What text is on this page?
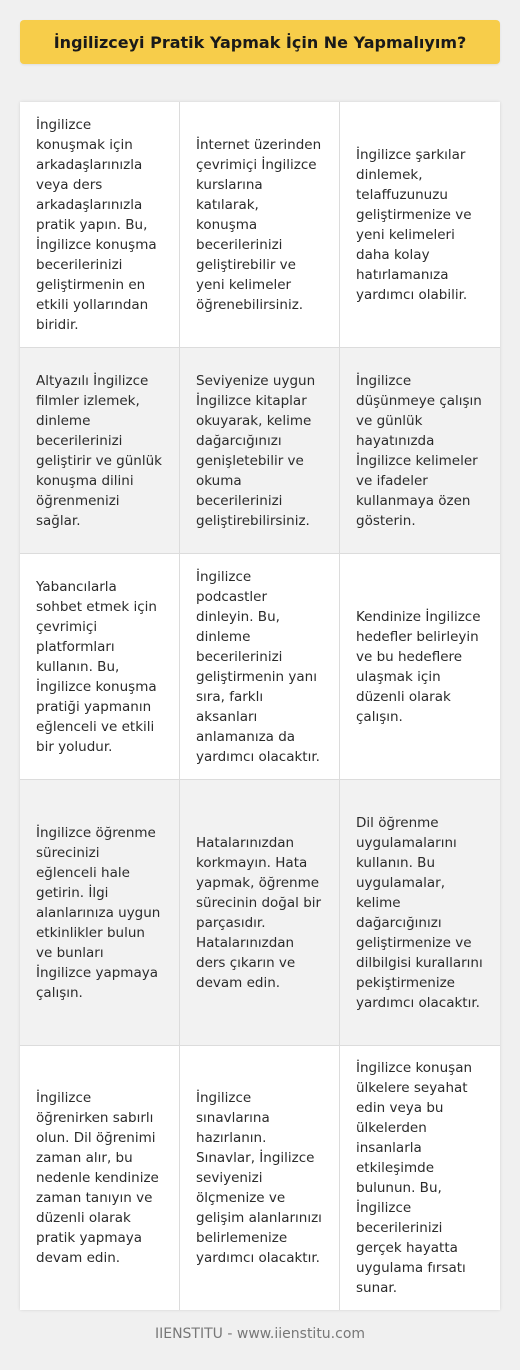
İngilizceyi Pratik Yapmak İçin Ne Yapmalıyım?
İngilizce konuşmak için arkadaşlarınızla veya ders arkadaşlarınızla pratik yapın. Bu, İngilizce konuşma becerilerinizi geliştirmenin en etkili yollarından biridir.
İnternet üzerinden çevrimiçi İngilizce kurslarına katılarak, konuşma becerilerinizi geliştirebilir ve yeni kelimeler öğrenebilirsiniz.
İngilizce şarkılar dinlemek, telaffuzunuzu geliştirmenize ve yeni kelimeleri daha kolay hatırlamanıza yardımcı olabilir.
Altyazılı İngilizce filmler izlemek, dinleme becerilerinizi geliştirir ve günlük konuşma dilini öğrenmenizi sağlar.
Seviyenize uygun İngilizce kitaplar okuyarak, kelime dağarcığınızı genişletebilir ve okuma becerilerinizi geliştirebilirsiniz.
İngilizce düşünmeye çalışın ve günlük hayatınızda İngilizce kelimeler ve ifadeler kullanmaya özen gösterin.
Yabancılarla sohbet etmek için çevrimiçi platformları kullanın. Bu, İngilizce konuşma pratiği yapmanın eğlenceli ve etkili bir yoludur.
İngilizce podcastler dinleyin. Bu, dinleme becerilerinizi geliştirmenin yanı sıra, farklı aksanları anlamanıza da yardımcı olacaktır.
Kendinize İngilizce hedefler belirleyin ve bu hedeflere ulaşmak için düzenli olarak çalışın.
İngilizce öğrenme sürecinizi eğlenceli hale getirin. İlgi alanlarınıza uygun etkinlikler bulun ve bunları İngilizce yapmaya çalışın.
Hatalarınızdan korkmayın. Hata yapmak, öğrenme sürecinin doğal bir parçasıdır. Hatalarınızdan ders çıkarın ve devam edin.
Dil öğrenme uygulamalarını kullanın. Bu uygulamalar, kelime dağarcığınızı geliştirmenize ve dilbilgisi kurallarını pekiştirmenize yardımcı olacaktır.
İngilizce öğrenirken sabırlı olun. Dil öğrenimi zaman alır, bu nedenle kendinize zaman tanıyın ve düzenli olarak pratik yapmaya devam edin.
İngilizce sınavlarına hazırlanın. Sınavlar, İngilizce seviyenizi ölçmenize ve gelişim alanlarınızı belirlemenize yardımcı olacaktır.
İngilizce konuşan ülkelere seyahat edin veya bu ülkelerden insanlarla etkileşimde bulunun. Bu, İngilizce becerilerinizi gerçek hayatta uygulama fırsatı sunar.
IIENSTITU - www.iienstitu.com
